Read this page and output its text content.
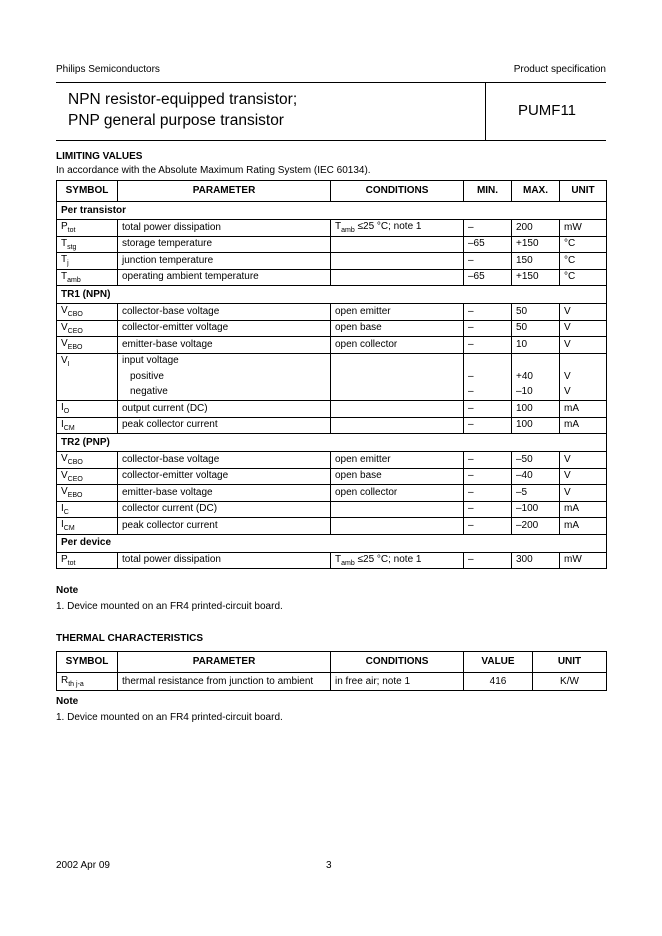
Philips Semiconductors	Product specification
NPN resistor-equipped transistor;
PNP general purpose transistor
PUMF11
LIMITING VALUES
In accordance with the Absolute Maximum Rating System (IEC 60134).
SYMBOL	PARAMETER	CONDITIONS	MIN.	MAX.	UNIT
Per transistor					
$P_{tot}$	total power dissipation	$T_{amb} \le 25$ °C; note 1	–	200	mW
$T_{stg}$	storage temperature		–65	+150	°C
$T_j$	junction temperature		–	150	°C
$T_{amb}$	operating ambient temperature		–65	+150	°C
TR1 (NPN)					
$V_{CBO}$	collector-base voltage	open emitter	–	50	V
$V_{CEO}$	collector-emitter voltage	open base	–	50	V
$V_{EBO}$	emitter-base voltage	open collector	–	10	V
$V_I$	input voltage				
	positive		–	+40	V
	negative		–	–10	V
$I_O$	output current (DC)		–	100	mA
$I_{CM}$	peak collector current		–	100	mA
TR2 (PNP)					
$V_{CBO}$	collector-base voltage	open emitter	–	–50	V
$V_{CEO}$	collector-emitter voltage	open base	–	–40	V
$V_{EBO}$	emitter-base voltage	open collector	–	–5	V
$I_C$	collector current (DC)		–	–100	mA
$I_{CM}$	peak collector current		–	–200	mA
Per device					
$P_{tot}$	total power dissipation	$T_{amb} \le 25$ °C; note 1	–	300	mW
Note
1. Device mounted on an FR4 printed-circuit board.
THERMAL CHARACTERISTICS
SYMBOL	PARAMETER	CONDITIONS	VALUE	UNIT
$R_{th j-a}$	thermal resistance from junction to ambient	in free air; note 1	416	K/W
Note
1. Device mounted on an FR4 printed-circuit board.
2002 Apr 09	3
